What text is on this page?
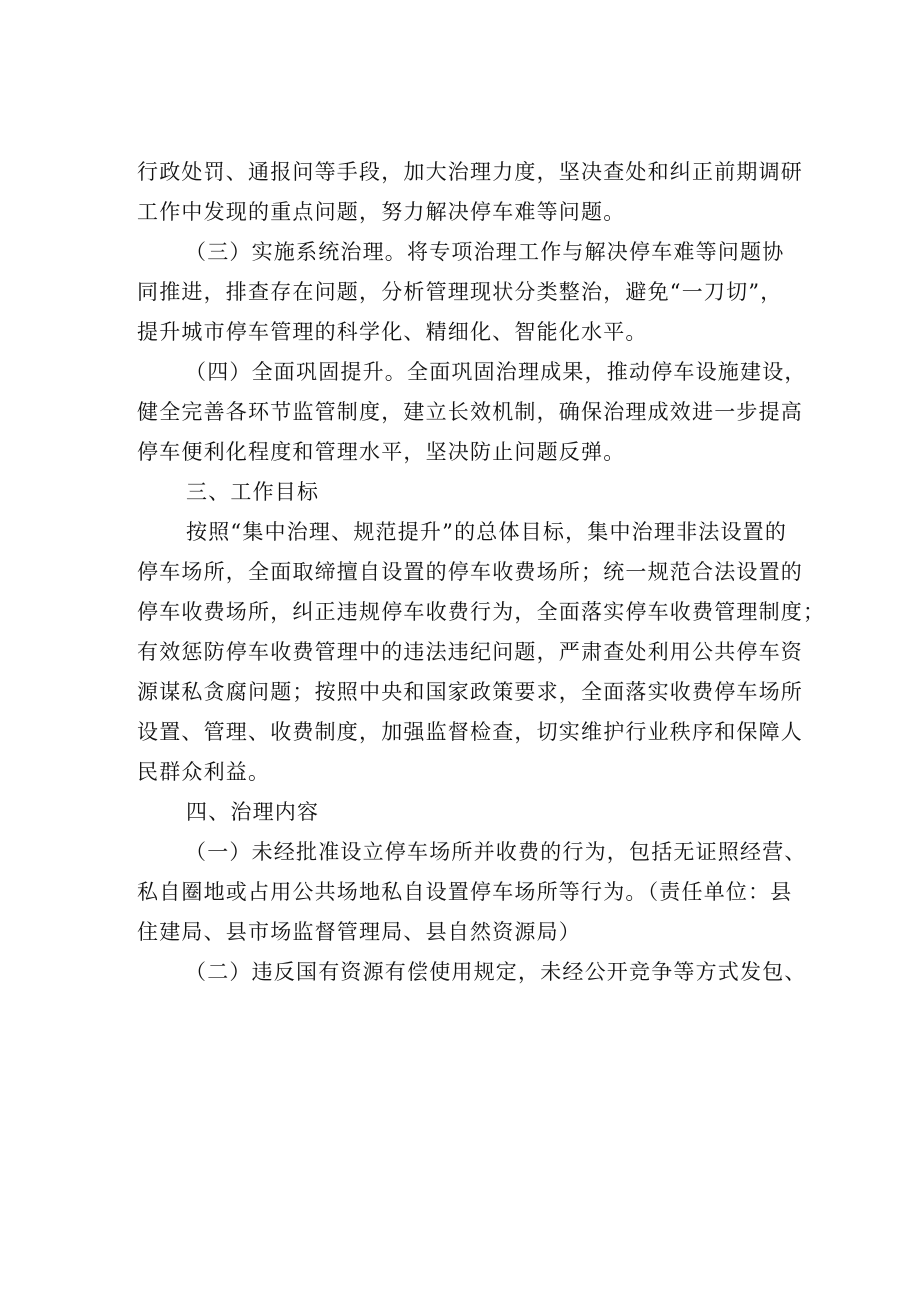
行政处罚、通报问等手段，加大治理力度，坚决查处和纠正前期调研
工作中发现的重点问题，努力解决停车难等问题。
（三）实施系统治理。将专项治理工作与解决停车难等问题协
同推进，排查存在问题，分析管理现状分类整治，避免“一刀切”，
提升城市停车管理的科学化、精细化、智能化水平。
（四）全面巩固提升。全面巩固治理成果，推动停车设施建设，
健全完善各环节监管制度，建立长效机制，确保治理成效进一步提高
停车便利化程度和管理水平，坚决防止问题反弹。
三、工作目标
按照“集中治理、规范提升”的总体目标，集中治理非法设置的
停车场所，全面取缔擅自设置的停车收费场所；统一规范合法设置的
停车收费场所，纠正违规停车收费行为，全面落实停车收费管理制度；
有效惩防停车收费管理中的违法违纪问题，严肃查处利用公共停车资
源谋私贪腐问题；按照中央和国家政策要求，全面落实收费停车场所
设置、管理、收费制度，加强监督检查，切实维护行业秩序和保障人
民群众利益。
四、治理内容
（一）未经批准设立停车场所并收费的行为，包括无证照经营、
私自圈地或占用公共场地私自设置停车场所等行为。（责任单位：县
住建局、县市场监督管理局、县自然资源局）
（二）违反国有资源有偿使用规定，未经公开竞争等方式发包、
